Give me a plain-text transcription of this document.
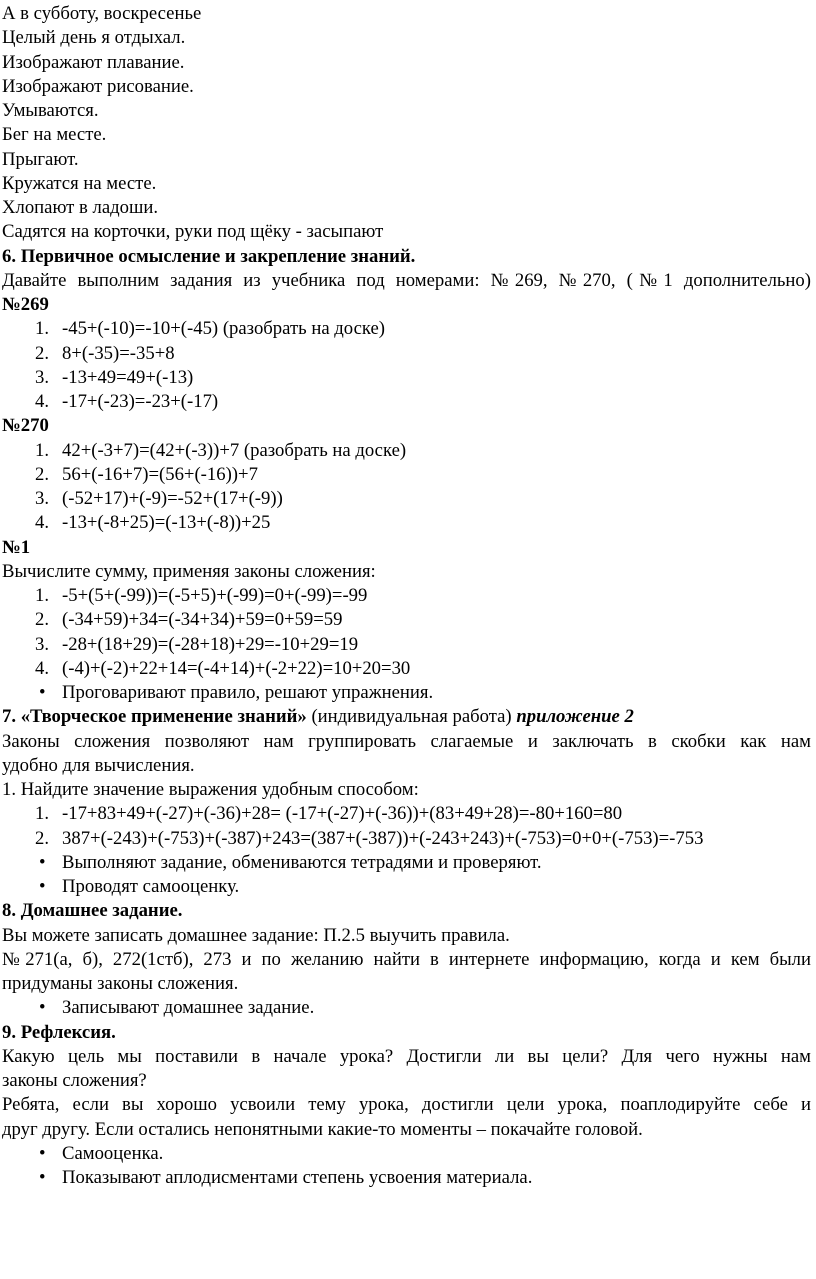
А в субботу, воскресенье
Целый день я отдыхал.
Изображают плавание.
Изображают рисование.
Умываются.
Бег на месте.
Прыгают.
Кружатся на месте.
Хлопают в ладоши.
Садятся на корточки, руки под щёку - засыпают
6. Первичное осмысление и закрепление знаний.
Давайте выполним задания из учебника под номерами: №269, №270, (№1 дополнительно)
№269
-45+(-10)=-10+(-45) (разобрать на доске)
8+(-35)=-35+8
-13+49=49+(-13)
-17+(-23)=-23+(-17)
№270
42+(-3+7)=(42+(-3))+7 (разобрать на доске)
56+(-16+7)=(56+(-16))+7
(-52+17)+(-9)=-52+(17+(-9))
-13+(-8+25)=(-13+(-8))+25
№1
Вычислите сумму, применяя законы сложения:
-5+(5+(-99))=(-5+5)+(-99)=0+(-99)=-99
(-34+59)+34=(-34+34)+59=0+59=59
-28+(18+29)=(-28+18)+29=-10+29=19
(-4)+(-2)+22+14=(-4+14)+(-2+22)=10+20=30
• Проговаривают правило, решают упражнения.
7. «Творческое применение знаний» (индивидуальная работа) приложение 2
Законы сложения позволяют нам группировать слагаемые и заключать в скобки как нам
удобно для вычисления.
1. Найдите значение выражения удобным способом:
-17+83+49+(-27)+(-36)+28= (-17+(-27)+(-36))+(83+49+28)=-80+160=80
387+(-243)+(-753)+(-387)+243=(387+(-387))+(-243+243)+(-753)=0+0+(-753)=-753
• Выполняют задание, обмениваются тетрадями и проверяют.
• Проводят самооценку.
8. Домашнее задание.
Вы можете записать домашнее задание: П.2.5 выучить правила.
№271(а, б), 272(1стб), 273 и по желанию найти в интернете информацию, когда и кем были
придуманы законы сложения.
• Записывают домашнее задание.
9. Рефлексия.
Какую цель мы поставили в начале урока? Достигли ли вы цели? Для чего нужны нам
законы сложения?
Ребята, если вы хорошо усвоили тему урока, достигли цели урока, поаплодируйте себе и
друг другу. Если остались непонятными какие-то моменты – покачайте головой.
• Самооценка.
• Показывают аплодисментами степень усвоения материала.
